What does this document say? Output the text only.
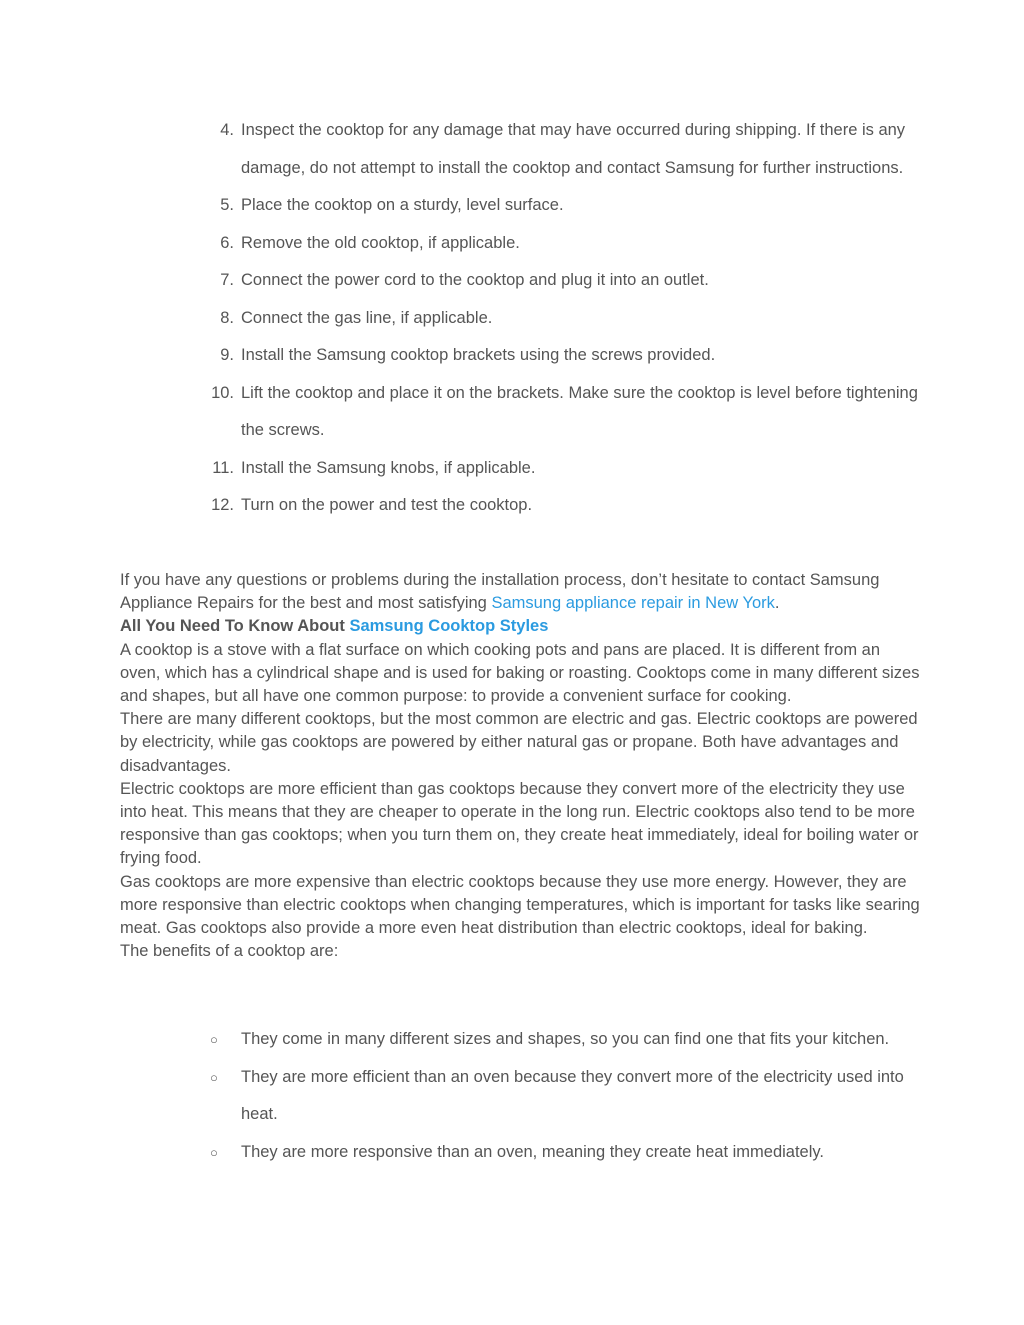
4. Inspect the cooktop for any damage that may have occurred during shipping. If there is any damage, do not attempt to install the cooktop and contact Samsung for further instructions.
5. Place the cooktop on a sturdy, level surface.
6. Remove the old cooktop, if applicable.
7. Connect the power cord to the cooktop and plug it into an outlet.
8. Connect the gas line, if applicable.
9. Install the Samsung cooktop brackets using the screws provided.
10. Lift the cooktop and place it on the brackets. Make sure the cooktop is level before tightening the screws.
11. Install the Samsung knobs, if applicable.
12. Turn on the power and test the cooktop.

If you have any questions or problems during the installation process, don’t hesitate to contact Samsung Appliance Repairs for the best and most satisfying Samsung appliance repair in New York.

All You Need To Know About Samsung Cooktop Styles

A cooktop is a stove with a flat surface on which cooking pots and pans are placed. It is different from an oven, which has a cylindrical shape and is used for baking or roasting. Cooktops come in many different sizes and shapes, but all have one common purpose: to provide a convenient surface for cooking.

There are many different cooktops, but the most common are electric and gas. Electric cooktops are powered by electricity, while gas cooktops are powered by either natural gas or propane. Both have advantages and disadvantages.

Electric cooktops are more efficient than gas cooktops because they convert more of the electricity they use into heat. This means that they are cheaper to operate in the long run. Electric cooktops also tend to be more responsive than gas cooktops; when you turn them on, they create heat immediately, ideal for boiling water or frying food.

Gas cooktops are more expensive than electric cooktops because they use more energy. However, they are more responsive than electric cooktops when changing temperatures, which is important for tasks like searing meat. Gas cooktops also provide a more even heat distribution than electric cooktops, ideal for baking.

The benefits of a cooktop are:

○ They come in many different sizes and shapes, so you can find one that fits your kitchen.
○ They are more efficient than an oven because they convert more of the electricity used into heat.
○ They are more responsive than an oven, meaning they create heat immediately.
